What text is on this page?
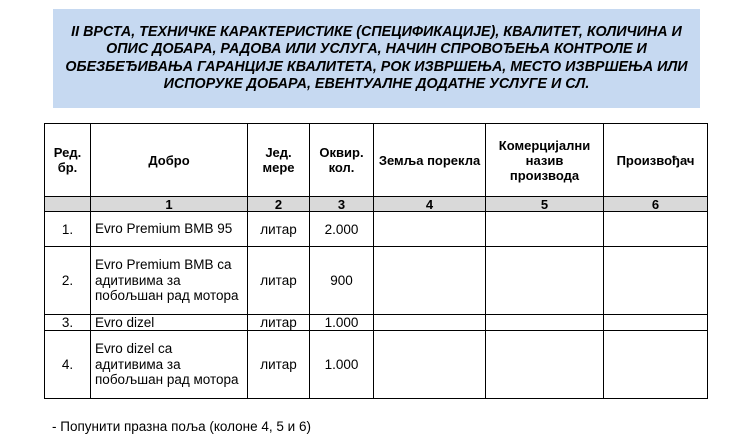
II ВРСТА, ТЕХНИЧКЕ КАРАКТЕРИСТИКЕ (СПЕЦИФИКАЦИЈЕ), КВАЛИТЕТ, КОЛИЧИНА И ОПИС ДОБАРА, РАДОВА ИЛИ УСЛУГА, НАЧИН СПРОВОЂЕЊА КОНТРОЛЕ И ОБЕЗБЕЂИВАЊА ГАРАНЦИЈЕ КВАЛИТЕТА, РОК ИЗВРШЕЊА, МЕСТО ИЗВРШЕЊА ИЛИ ИСПОРУКЕ ДОБАРА, ЕВЕНТУАЛНЕ ДОДАТНЕ УСЛУГЕ И СЛ.
Ред. бр.	Добро	Јед. мере	Оквир. кол.	Земља порекла	Комерцијални назив производа	Произвођач
	1	2	3	4	5	6
1.	Evro Premium BMB 95	литар	2.000			
2.	Evro Premium BMB са адитивима за побољшан рад мотора	литар	900			
3.	Evro dizel	литар	1.000			
4.	Evro dizel са адитивима за побољшан рад мотора	литар	1.000			
- Попунити празна поља (колоне 4, 5 и 6)
